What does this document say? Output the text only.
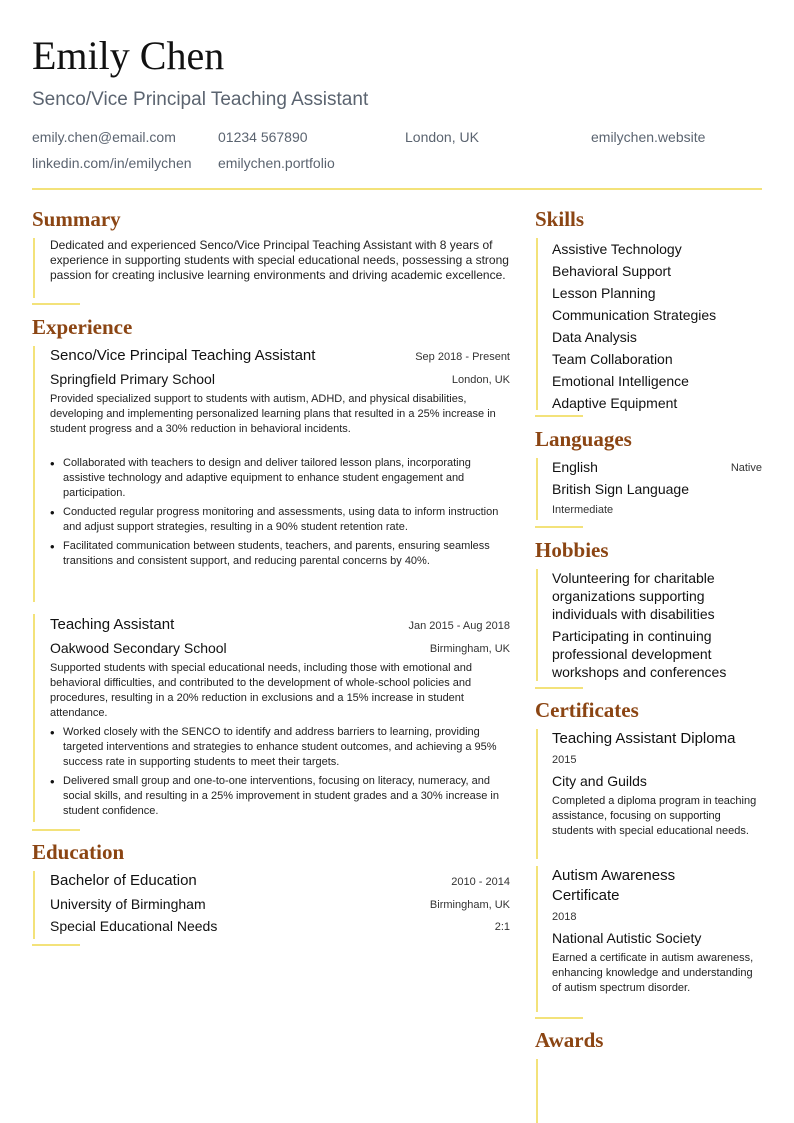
Emily Chen
Senco/Vice Principal Teaching Assistant
emily.chen@email.com	01234 567890	London, UK	emilychen.website
linkedin.com/in/emilychen emilychen.portfolio
Summary
Dedicated and experienced Senco/Vice Principal Teaching Assistant with 8 years of experience in supporting students with special educational needs, possessing a strong passion for creating inclusive learning environments and driving academic excellence.
Experience
Senco/Vice Principal Teaching Assistant	Sep 2018 - Present
Springfield Primary School	London, UK
Provided specialized support to students with autism, ADHD, and physical disabilities, developing and implementing personalized learning plans that resulted in a 25% increase in student progress and a 30% reduction in behavioral incidents.
• Collaborated with teachers to design and deliver tailored lesson plans, incorporating assistive technology and adaptive equipment to enhance student engagement and participation.
• Conducted regular progress monitoring and assessments, using data to inform instruction and adjust support strategies, resulting in a 90% student retention rate.
• Facilitated communication between students, teachers, and parents, ensuring seamless transitions and consistent support, and reducing parental concerns by 40%.
Teaching Assistant	Jan 2015 - Aug 2018
Oakwood Secondary School	Birmingham, UK
Supported students with special educational needs, including those with emotional and behavioral difficulties, and contributed to the development of whole-school policies and procedures, resulting in a 20% reduction in exclusions and a 15% increase in student attendance.
• Worked closely with the SENCO to identify and address barriers to learning, providing targeted interventions and strategies to enhance student outcomes, and achieving a 95% success rate in supporting students to meet their targets.
• Delivered small group and one-to-one interventions, focusing on literacy, numeracy, and social skills, and resulting in a 25% improvement in student grades and a 30% increase in student confidence.
Education
Bachelor of Education	2010 - 2014
University of Birmingham	Birmingham, UK
Special Educational Needs	2:1
Skills
Assistive Technology
Behavioral Support
Lesson Planning
Communication Strategies
Data Analysis
Team Collaboration
Emotional Intelligence
Adaptive Equipment
Languages
English	Native
British Sign Language
Intermediate
Hobbies
Volunteering for charitable organizations supporting individuals with disabilities
Participating in continuing professional development workshops and conferences
Certificates
Teaching Assistant Diploma
2015
City and Guilds
Completed a diploma program in teaching assistance, focusing on supporting students with special educational needs.
Autism Awareness Certificate
2018
National Autistic Society
Earned a certificate in autism awareness, enhancing knowledge and understanding of autism spectrum disorder.
Awards
